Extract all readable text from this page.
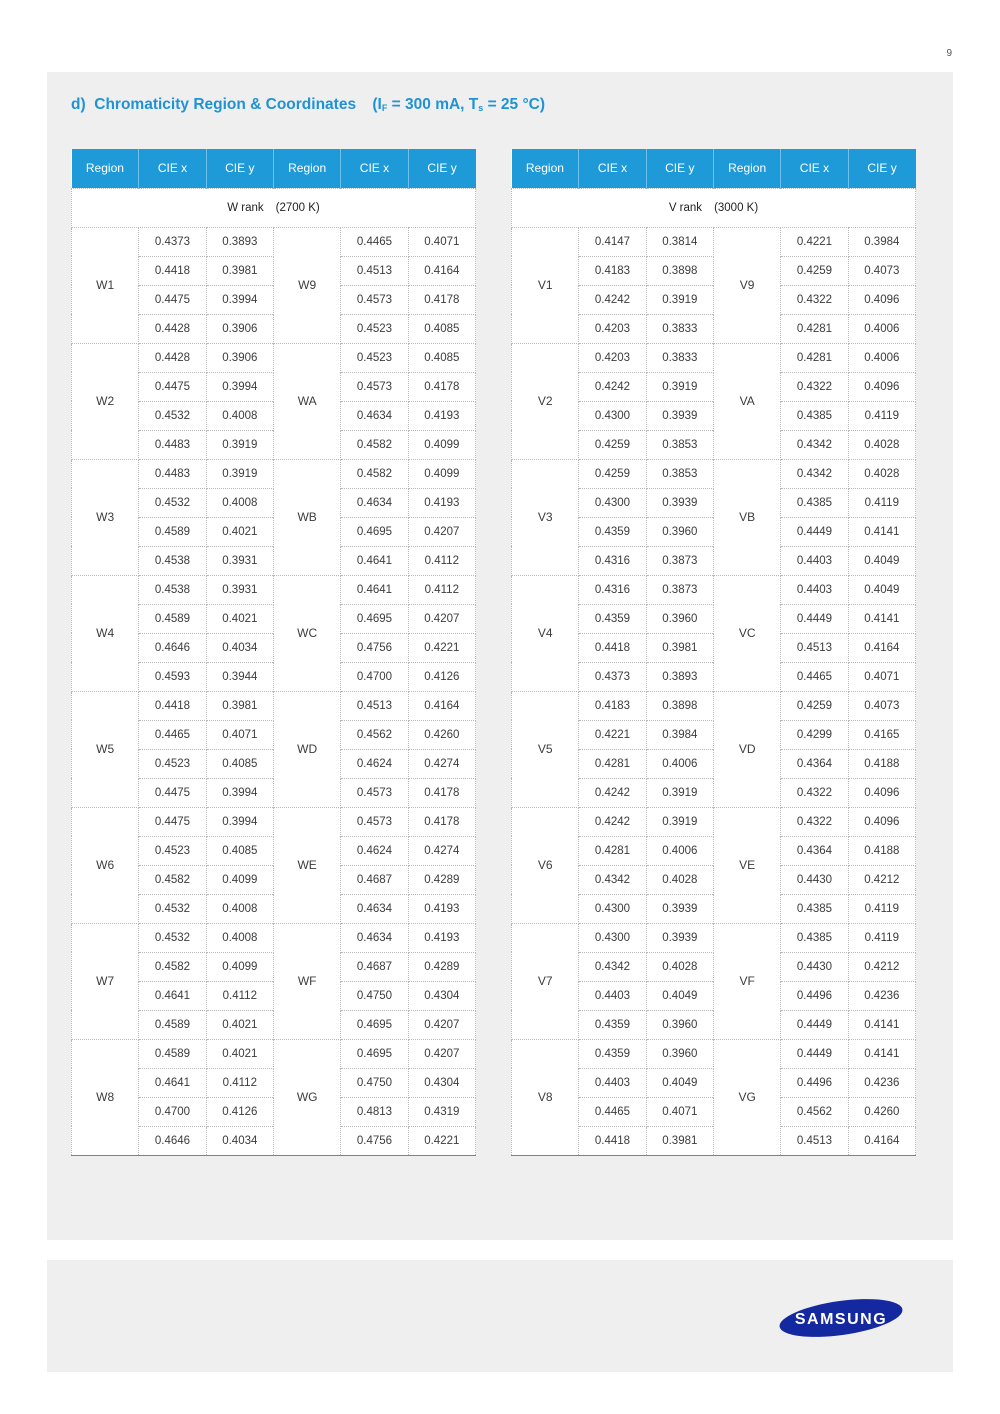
9
d) Chromaticity Region & Coordinates ($I_F = 300$ mA, $T_s = 25$ °C)
Region	CIE x	CIE y	Region	CIE x	CIE y
W rank (2700 K)					
W1	0.4373	0.3893	W9	0.4465	0.4071
	0.4418	0.3981		0.4513	0.4164
	0.4475	0.3994		0.4573	0.4178
	0.4428	0.3906		0.4523	0.4085
W2	0.4428	0.3906	WA	0.4523	0.4085
	0.4475	0.3994		0.4573	0.4178
	0.4532	0.4008		0.4634	0.4193
	0.4483	0.3919		0.4582	0.4099
W3	0.4483	0.3919	WB	0.4582	0.4099
	0.4532	0.4008		0.4634	0.4193
	0.4589	0.4021		0.4695	0.4207
	0.4538	0.3931		0.4641	0.4112
W4	0.4538	0.3931	WC	0.4641	0.4112
	0.4589	0.4021		0.4695	0.4207
	0.4646	0.4034		0.4756	0.4221
	0.4593	0.3944		0.4700	0.4126
W5	0.4418	0.3981	WD	0.4513	0.4164
	0.4465	0.4071		0.4562	0.4260
	0.4523	0.4085		0.4624	0.4274
	0.4475	0.3994		0.4573	0.4178
W6	0.4475	0.3994	WE	0.4573	0.4178
	0.4523	0.4085		0.4624	0.4274
	0.4582	0.4099		0.4687	0.4289
	0.4532	0.4008		0.4634	0.4193
W7	0.4532	0.4008	WF	0.4634	0.4193
	0.4582	0.4099		0.4687	0.4289
	0.4641	0.4112		0.4750	0.4304
	0.4589	0.4021		0.4695	0.4207
W8	0.4589	0.4021	WG	0.4695	0.4207
	0.4641	0.4112		0.4750	0.4304
	0.4700	0.4126		0.4813	0.4319
	0.4646	0.4034		0.4756	0.4221
Region	CIE x	CIE y	Region	CIE x	CIE y
V rank (3000 K)					
V1	0.4147	0.3814	V9	0.4221	0.3984
	0.4183	0.3898		0.4259	0.4073
	0.4242	0.3919		0.4322	0.4096
	0.4203	0.3833		0.4281	0.4006
V2	0.4203	0.3833	VA	0.4281	0.4006
	0.4242	0.3919		0.4322	0.4096
	0.4300	0.3939		0.4385	0.4119
	0.4259	0.3853		0.4342	0.4028
V3	0.4259	0.3853	VB	0.4342	0.4028
	0.4300	0.3939		0.4385	0.4119
	0.4359	0.3960		0.4449	0.4141
	0.4316	0.3873		0.4403	0.4049
V4	0.4316	0.3873	VC	0.4403	0.4049
	0.4359	0.3960		0.4449	0.4141
	0.4418	0.3981		0.4513	0.4164
	0.4373	0.3893		0.4465	0.4071
V5	0.4183	0.3898	VD	0.4259	0.4073
	0.4221	0.3984		0.4299	0.4165
	0.4281	0.4006		0.4364	0.4188
	0.4242	0.3919		0.4322	0.4096
V6	0.4242	0.3919	VE	0.4322	0.4096
	0.4281	0.4006		0.4364	0.4188
	0.4342	0.4028		0.4430	0.4212
	0.4300	0.3939		0.4385	0.4119
V7	0.4300	0.3939	VF	0.4385	0.4119
	0.4342	0.4028		0.4430	0.4212
	0.4403	0.4049		0.4496	0.4236
	0.4359	0.3960		0.4449	0.4141
V8	0.4359	0.3960	VG	0.4449	0.4141
	0.4403	0.4049		0.4496	0.4236
	0.4465	0.4071		0.4562	0.4260
	0.4418	0.3981		0.4513	0.4164
SAMSUNG
